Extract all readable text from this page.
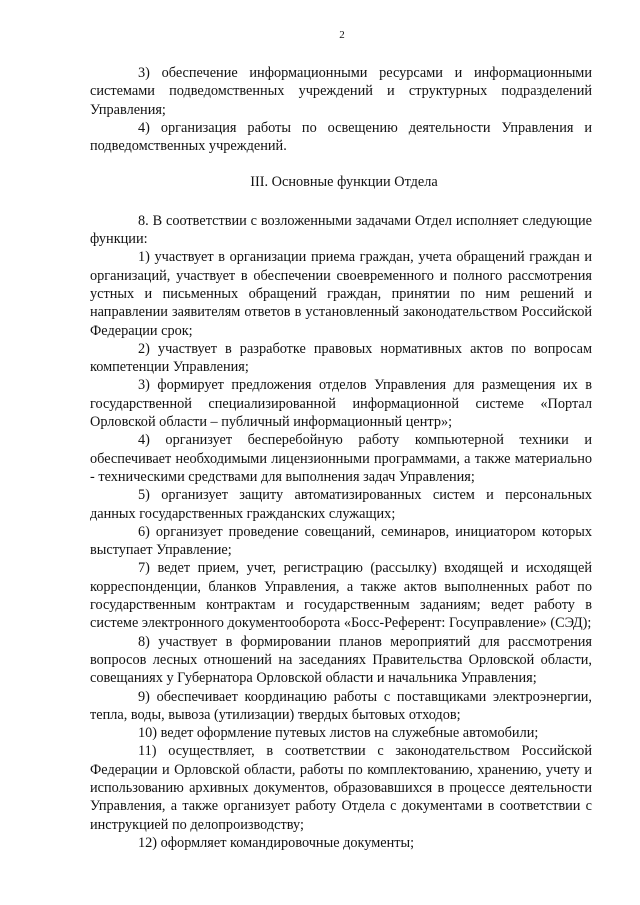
2

3) обеспечение информационными ресурсами и информационными системами подведомственных учреждений и структурных подразделений Управления;

4) организация работы по освещению деятельности Управления и подведомственных учреждений.

III. Основные функции Отдела

8. В соответствии с возложенными задачами Отдел исполняет следующие функции:

1) участвует в организации приема граждан, учета обращений граждан и организаций, участвует в обеспечении своевременного и полного рассмотрения устных и письменных обращений граждан, принятии по ним решений и направлении заявителям ответов в установленный законодательством Российской Федерации срок;

2) участвует в разработке правовых нормативных актов по вопросам компетенции Управления;

3) формирует предложения отделов Управления для размещения их в государственной специализированной информационной системе «Портал Орловской области – публичный информационный центр»;

4) организует бесперебойную работу компьютерной техники и обеспечивает необходимыми лицензионными программами, а также материально - техническими средствами для выполнения задач Управления;

5) организует защиту автоматизированных систем и персональных данных государственных гражданских служащих;

6) организует проведение совещаний, семинаров, инициатором которых выступает Управление;

7) ведет прием, учет, регистрацию (рассылку) входящей и исходящей корреспонденции, бланков Управления, а также актов выполненных работ по государственным контрактам и государственным заданиям; ведет работу в системе электронного документооборота «Босс-Референт: Госуправление» (СЭД);

8) участвует в формировании планов мероприятий для рассмотрения вопросов лесных отношений на заседаниях Правительства Орловской области, совещаниях у Губернатора Орловской области и начальника Управления;

9) обеспечивает координацию работы с поставщиками электроэнергии, тепла, воды, вывоза (утилизации) твердых бытовых отходов;

10) ведет оформление путевых листов на служебные автомобили;

11) осуществляет, в соответствии с законодательством Российской Федерации и Орловской области, работы по комплектованию, хранению, учету и использованию архивных документов, образовавшихся в процессе деятельности Управления, а также организует работу Отдела с документами в соответствии с инструкцией по делопроизводству;

12) оформляет командировочные документы;
